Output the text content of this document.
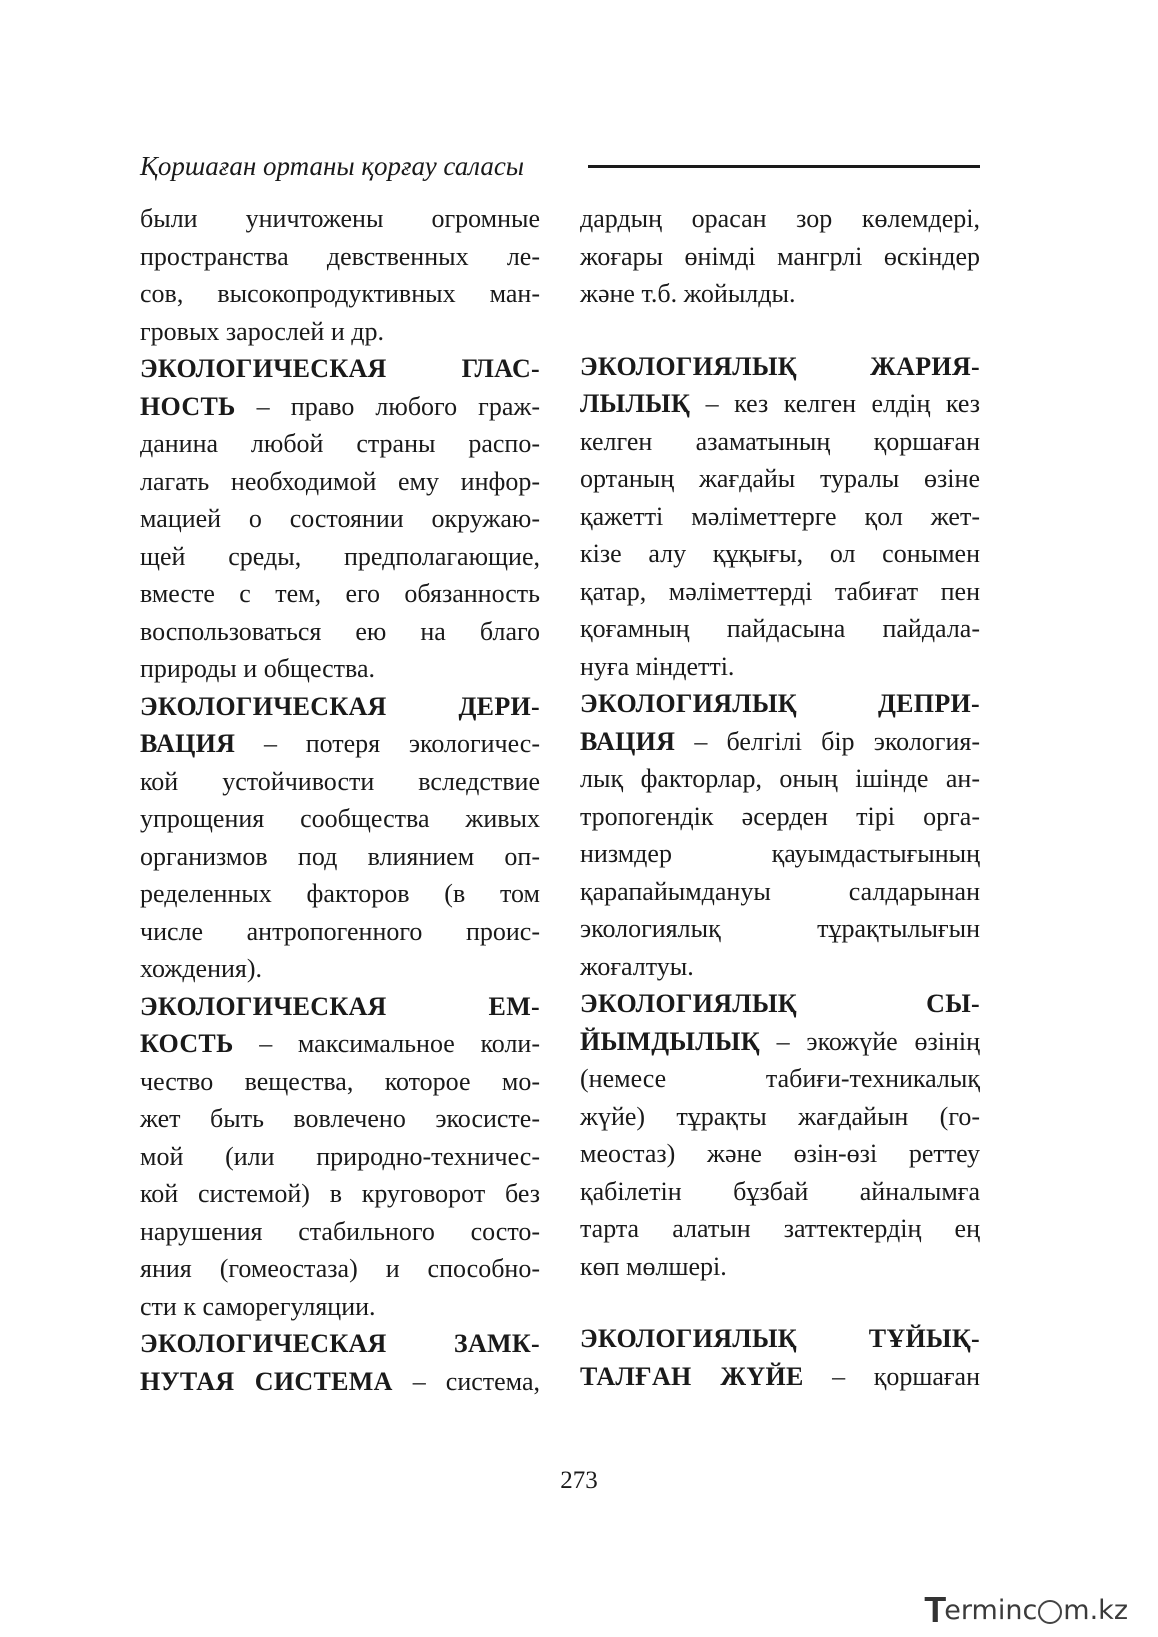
Қоршаған ортаны қорғау саласы
были уничтожены огромные
пространства девственных ле-
сов, высокопродуктивных ман-
гровых зарослей и др.
ЭКОЛОГИЧЕСКАЯ ГЛАС-
НОСТЬ – право любого граж-
данина любой страны распо-
лагать необходимой ему инфор-
мацией о состоянии окружаю-
щей среды, предполагающие,
вместе с тем, его обязанность
воспользоваться ею на благо
природы и общества.
ЭКОЛОГИЧЕСКАЯ ДЕРИ-
ВАЦИЯ – потеря экологичес-
кой устойчивости вследствие
упрощения сообщества живых
организмов под влиянием оп-
ределенных факторов (в том
числе антропогенного проис-
хождения).
ЭКОЛОГИЧЕСКАЯ ЕМ-
КОСТЬ – максимальное коли-
чество вещества, которое мо-
жет быть вовлечено экосисте-
мой (или природно-техничес-
кой системой) в круговорот без
нарушения стабильного состо-
яния (гомеостаза) и способно-
сти к саморегуляции.
ЭКОЛОГИЧЕСКАЯ ЗАМК-
НУТАЯ СИСТЕМА – система,
дардың орасан зор көлемдері,
жоғары өнімді мангрлі өскіндер
және т.б. жойылды.
ЭКОЛОГИЯЛЫҚ ЖАРИЯ-
ЛЫЛЫҚ – кез келген елдің кез
келген азаматының қоршаған
ортаның жағдайы туралы өзіне
қажетті мәліметтерге қол жет-
кізе алу құқығы, ол сонымен
қатар, мәліметтерді табиғат пен
қоғамның пайдасына пайдала-
нуға міндетті.
ЭКОЛОГИЯЛЫҚ ДЕПРИ-
ВАЦИЯ – белгілі бір экология-
лық факторлар, оның ішінде ан-
тропогендік әсерден тірі орга-
низмдер қауымдастығының
қарапайымдануы салдарынан
экологиялық тұрақтылығын
жоғалтуы.
ЭКОЛОГИЯЛЫҚ СЫ-
ЙЫМДЫЛЫҚ – экожүйе өзінің
(немесе табиғи-техникалық
жүйе) тұрақты жағдайын (го-
меостаз) және өзін-өзі реттеу
қабілетін бұзбай айналымға
тарта алатын заттектердің ең
көп мөлшері.
ЭКОЛОГИЯЛЫҚ ТҰЙЫҚ-
ТАЛҒАН ЖҮЙЕ – қоршаған
273
T
erminc m.kz
